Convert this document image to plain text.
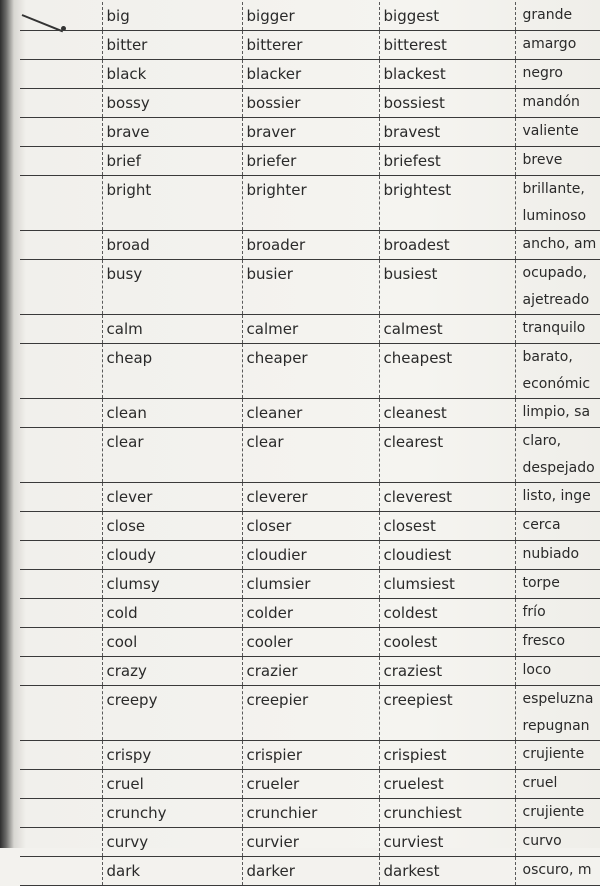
	big	bigger	biggest	grande

	bitter	bitterer	bitterest	amargo

	black	blacker	blackest	negro

	bossy	bossier	bossiest	mandón

	brave	braver	bravest	valiente

	brief	briefer	briefest	breve

	bright	brighter	brightest	brillante,
luminoso

	broad	broader	broadest	ancho, am

	busy	busier	busiest	ocupado,
ajetreado

	calm	calmer	calmest	tranquilo

	cheap	cheaper	cheapest	barato,
económic

	clean	cleaner	cleanest	limpio, sa

	clear	clear	clearest	claro,
despejado

	clever	cleverer	cleverest	listo, inge

	close	closer	closest	cerca

	cloudy	cloudier	cloudiest	nubiado

	clumsy	clumsier	clumsiest	torpe

	cold	colder	coldest	frío

	cool	cooler	coolest	fresco

	crazy	crazier	craziest	loco

	creepy	creepier	creepiest	espeluzna
repugnan

	crispy	crispier	crispiest	crujiente

	cruel	crueler	cruelest	cruel

	crunchy	crunchier	crunchiest	crujiente

	curvy	curvier	curviest	curvo

	dark	darker	darkest	oscuro, m
